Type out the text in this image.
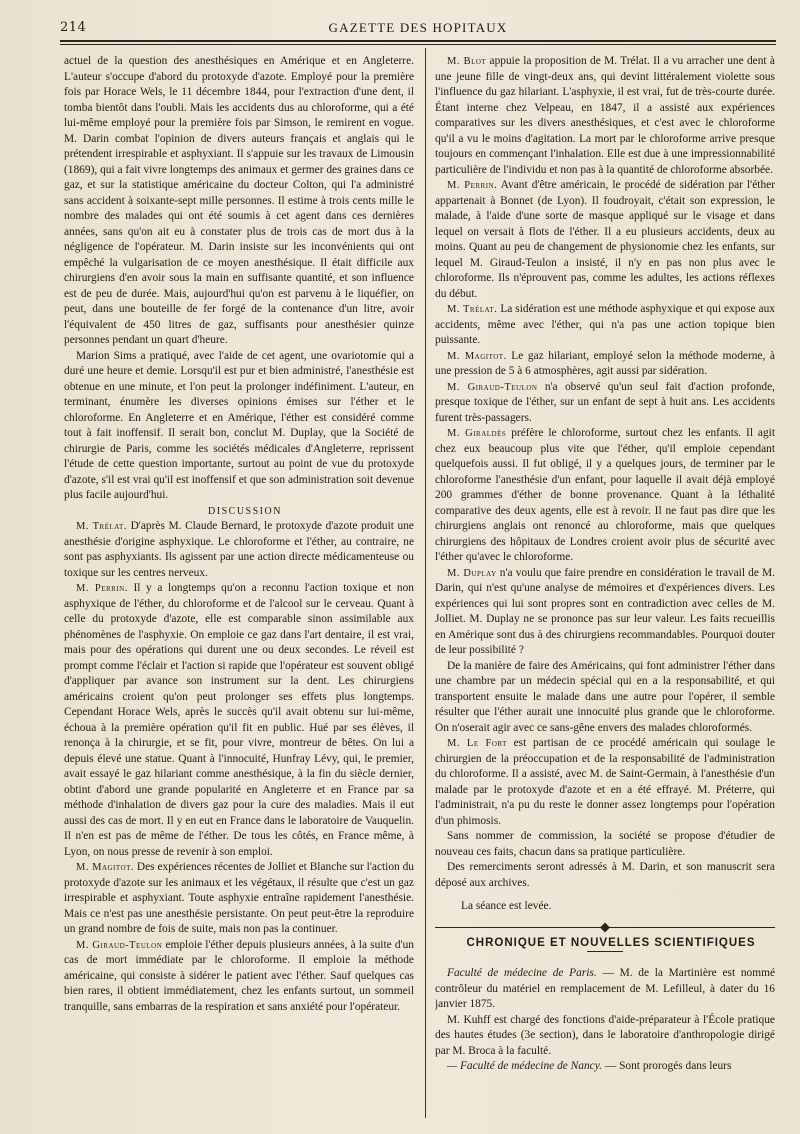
214	GAZETTE DES HOPITAUX

actuel de la question des anesthésiques en Amérique et en Angleterre. L'auteur s'occupe d'abord du protoxyde d'azote. Employé pour la première fois par Horace Wels, le 11 décembre 1844, pour l'extraction d'une dent, il tomba bientôt dans l'oubli. Mais les accidents dus au chloroforme, qui a été lui-même employé pour la première fois par Simson, le remirent en vogue. M. Darin combat l'opinion de divers auteurs français et anglais qui le prétendent irrespirable et asphyxiant. Il s'appuie sur les travaux de Limousin (1869), qui a fait vivre longtemps des animaux et germer des graines dans ce gaz, et sur la statistique américaine du docteur Colton, qui l'a administré sans accident à soixante-sept mille personnes. Il estime à trois cents mille le nombre des malades qui ont été soumis à cet agent dans ces dernières années, sans qu'on ait eu à constater plus de trois cas de mort dus à la négligence de l'opérateur. M. Darin insiste sur les inconvénients qui ont empêché la vulgarisation de ce moyen anesthésique. Il était difficile aux chirurgiens d'en avoir sous la main en suffisante quantité, et son influence est de peu de durée. Mais, aujourd'hui qu'on est parvenu à le liquéfier, on peut, dans une bouteille de fer forgé de la contenance d'un litre, avoir l'équivalent de 450 litres de gaz, suffisants pour anesthésier quinze personnes pendant un quart d'heure.

Marion Sims a pratiqué, avec l'aide de cet agent, une ovariotomie qui a duré une heure et demie. Lorsqu'il est pur et bien administré, l'anesthésie est obtenue en une minute, et l'on peut la prolonger indéfiniment. L'auteur, en terminant, énumère les diverses opinions émises sur l'éther et le chloroforme. En Angleterre et en Amérique, l'éther est considéré comme tout à fait inoffensif. Il serait bon, conclut M. Duplay, que la Société de chirurgie de Paris, comme les sociétés médicales d'Angleterre, reprissent l'étude de cette question importante, surtout au point de vue du protoxyde d'azote, s'il est vrai qu'il est inoffensif et que son administration soit devenue plus facile aujourd'hui.

DISCUSSION

M. Trélat. D'après M. Claude Bernard, le protoxyde d'azote produit une anesthésie d'origine asphyxique. Le chloroforme et l'éther, au contraire, ne sont pas asphyxiants. Ils agissent par une action directe médicamenteuse ou toxique sur les centres nerveux.

M. Perrin. Il y a longtemps qu'on a reconnu l'action toxique et non asphyxique de l'éther, du chloroforme et de l'alcool sur le cerveau. Quant à celle du protoxyde d'azote, elle est comparable sinon assimilable aux phénomènes de l'asphyxie. On emploie ce gaz dans l'art dentaire, il est vrai, mais pour des opérations qui durent une ou deux secondes. Le réveil est prompt comme l'éclair et l'action si rapide que l'opérateur est souvent obligé d'appliquer par avance son instrument sur la dent. Les chirurgiens américains croient qu'on peut prolonger ses effets plus longtemps. Cependant Horace Wels, après le succès qu'il avait obtenu sur lui-même, échoua à la première opération qu'il fit en public. Hué par ses élèves, il renonça à la chirurgie, et se fit, pour vivre, montreur de bêtes. On lui a depuis élevé une statue. Quant à l'innocuité, Hunfray Lévy, qui, le premier, avait essayé le gaz hilariant comme anesthésique, à la fin du siècle dernier, obtint d'abord une grande popularité en Angleterre et en France par sa méthode d'inhalation de divers gaz pour la cure des maladies. Mais il eut aussi des cas de mort. Il y en eut en France dans le laboratoire de Vauquelin. Il n'en est pas de même de l'éther. De tous les côtés, en France même, à Lyon, on nous presse de revenir à son emploi.

M. Magitot. Des expériences récentes de Jolliet et Blanche sur l'action du protoxyde d'azote sur les animaux et les végétaux, il résulte que c'est un gaz irrespirable et asphyxiant. Toute asphyxie entraîne rapidement l'anesthésie. Mais ce n'est pas une anesthésie persistante. On peut peut-être la reproduire un grand nombre de fois de suite, mais non pas la continuer.

M. Giraud-Teulon emploie l'éther depuis plusieurs années, à la suite d'un cas de mort immédiate par le chloroforme. Il emploie la méthode américaine, qui consiste à sidérer le patient avec l'éther. Sauf quelques cas bien rares, il obtient immédiatement, chez les enfants surtout, un sommeil tranquille, sans embarras de la respiration et sans anxiété pour l'opérateur.

M. Blot appuie la proposition de M. Trélat. Il a vu arracher une dent à une jeune fille de vingt-deux ans, qui devint littéralement violette sous l'influence du gaz hilariant. L'asphyxie, il est vrai, fut de très-courte durée. Étant interne chez Velpeau, en 1847, il a assisté aux expériences comparatives sur les divers anesthésiques, et c'est avec le chloroforme qu'il a vu le moins d'agitation. La mort par le chloroforme arrive presque toujours en commençant l'inhalation. Elle est due à une impressionnabilité particulière de l'individu et non pas à la quantité de chloroforme absorbée.

M. Perrin. Avant d'être américain, le procédé de sidération par l'éther appartenait à Bonnet (de Lyon). Il foudroyait, c'était son expression, le malade, à l'aide d'une sorte de masque appliqué sur le visage et dans lequel on versait à flots de l'éther. Il a eu plusieurs accidents, deux au moins. Quant au peu de changement de physionomie chez les enfants, sur lequel M. Giraud-Teulon a insisté, il n'y en pas non plus avec le chloroforme. Ils n'éprouvent pas, comme les adultes, les actions réflexes du début.

M. Trélat. La sidération est une méthode asphyxique et qui expose aux accidents, même avec l'éther, qui n'a pas une action topique bien puissante.

M. Magitot. Le gaz hilariant, employé selon la méthode moderne, à une pression de 5 à 6 atmosphères, agit aussi par sidération.

M. Giraud-Teulon n'a observé qu'un seul fait d'action profonde, presque toxique de l'éther, sur un enfant de sept à huit ans. Les accidents furent très-passagers.

M. Giraldès préfère le chloroforme, surtout chez les enfants. Il agit chez eux beaucoup plus vite que l'éther, qu'il emploie cependant quelquefois aussi. Il fut obligé, il y a quelques jours, de terminer par le chloroforme l'anesthésie d'un enfant, pour laquelle il avait déjà employé 200 grammes d'éther de bonne provenance. Quant à la léthalité comparative des deux agents, elle est à revoir. Il ne faut pas dire que les chirurgiens anglais ont renoncé au chloroforme, mais que quelques chirurgiens des hôpitaux de Londres croient avoir plus de sécurité avec l'éther qu'avec le chloroforme.

M. Duplay n'a voulu que faire prendre en considération le travail de M. Darin, qui n'est qu'une analyse de mémoires et d'expériences divers. Les expériences qui lui sont propres sont en contradiction avec celles de M. Jolliet. M. Duplay ne se prononce pas sur leur valeur. Les faits recueillis en Amérique sont dus à des chirurgiens recommandables. Pourquoi douter de leur possibilité ?

De la manière de faire des Américains, qui font administrer l'éther dans une chambre par un médecin spécial qui en a la responsabilité, et qui transportent ensuite le malade dans une autre pour l'opérer, il semble résulter que l'éther aurait une innocuité plus grande que le chloroforme. On n'oserait agir avec ce sans-gêne envers des malades chloroformés.

M. Le Fort est partisan de ce procédé américain qui soulage le chirurgien de la préoccupation et de la responsabilité de l'administration du chloroforme. Il a assisté, avec M. de Saint-Germain, à l'anesthésie d'un malade par le protoxyde d'azote et en a été effrayé. M. Préterre, qui l'administrait, n'a pu du reste le donner assez longtemps pour l'opération d'un phimosis.

Sans nommer de commission, la société se propose d'étudier de nouveau ces faits, chacun dans sa pratique particulière.

Des remerciments seront adressés à M. Darin, et son manuscrit sera déposé aux archives.

La séance est levée.

CHRONIQUE ET NOUVELLES SCIENTIFIQUES

Faculté de médecine de Paris. — M. de la Martinière est nommé contrôleur du matériel en remplacement de M. Lefilleul, à dater du 16 janvier 1875.

M. Kuhff est chargé des fonctions d'aide-préparateur à l'École pratique des hautes études (3e section), dans le laboratoire d'anthropologie dirigé par M. Broca à la faculté.

— Faculté de médecine de Nancy. — Sont prorogés dans leurs
